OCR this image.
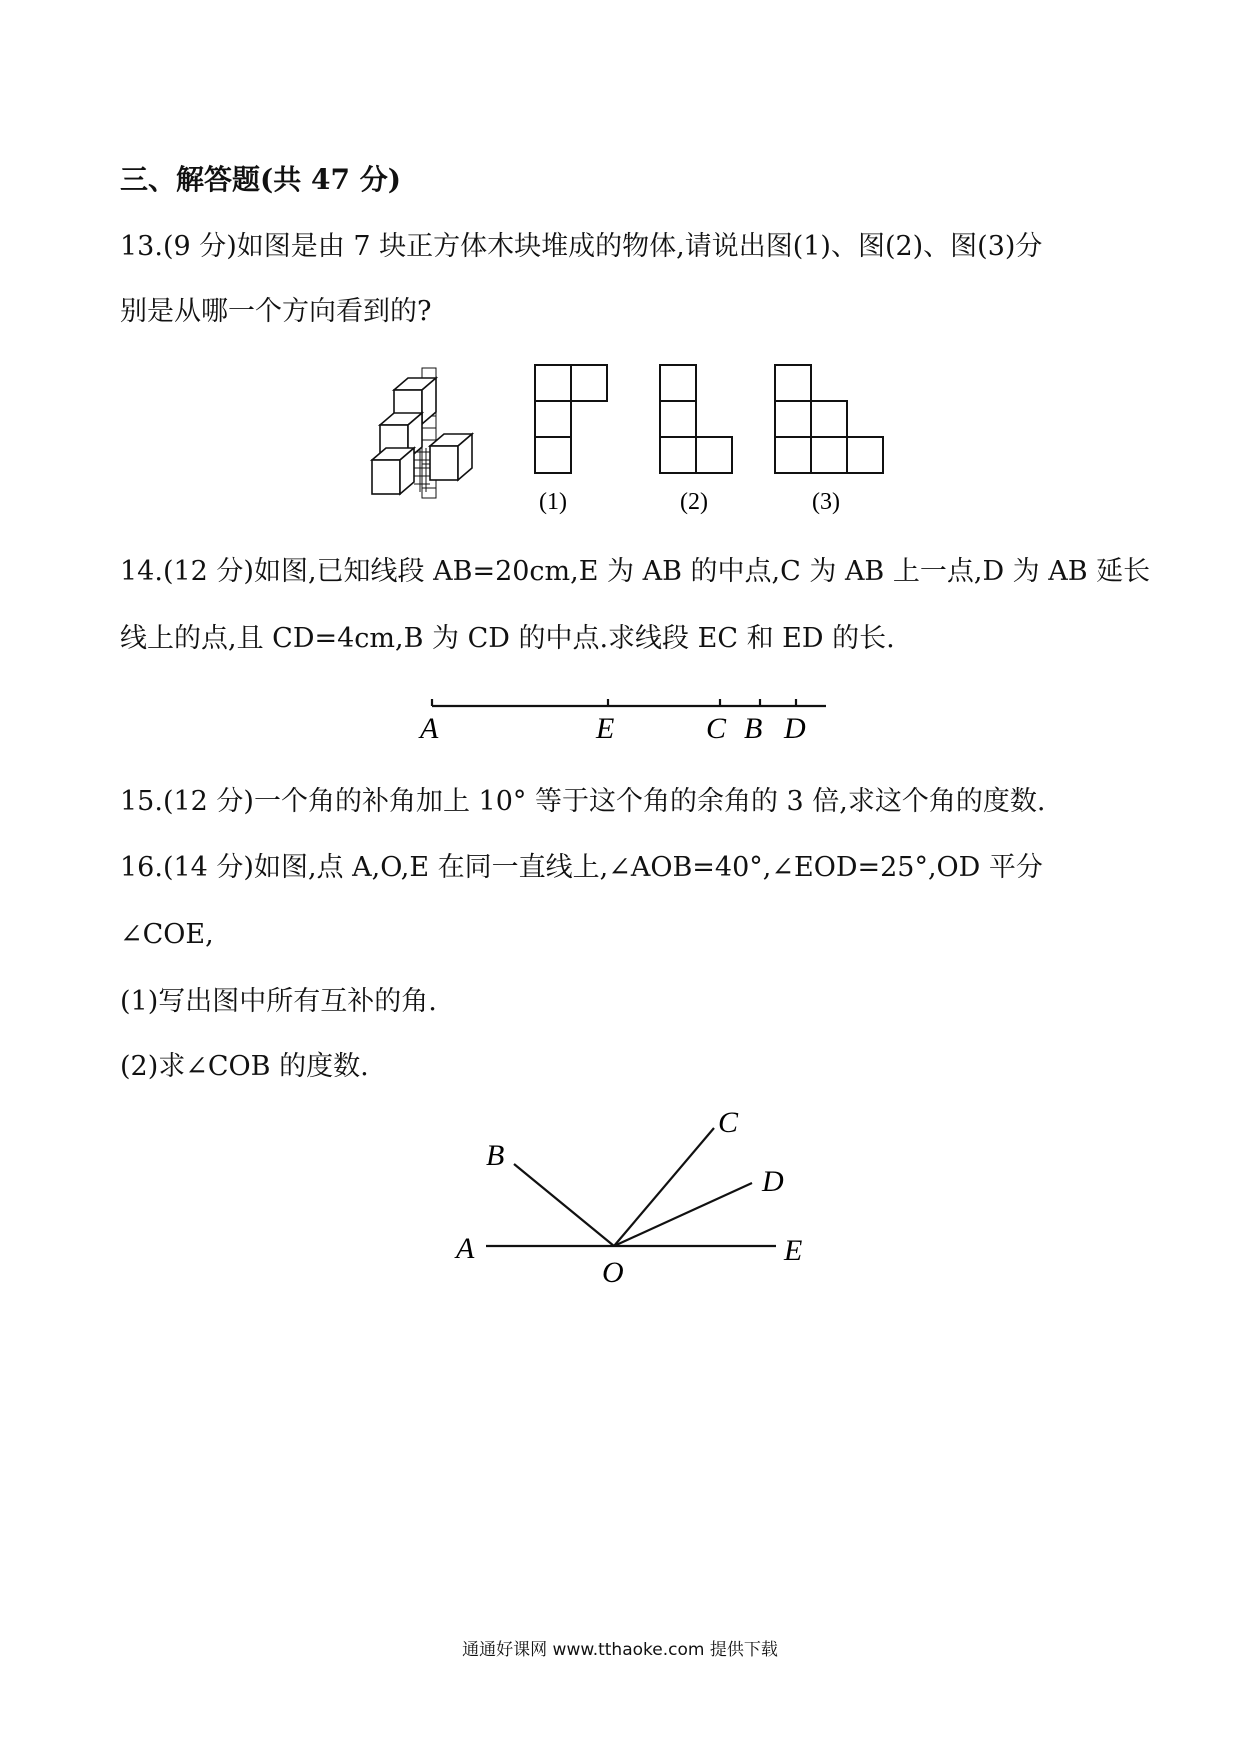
三、解答题(共 47 分)
13.(9 分)如图是由 7 块正方体木块堆成的物体,请说出图(1)、图(2)、图(3)分
别是从哪一个方向看到的?
(1)	(2)	(3)
14.(12 分)如图,已知线段 AB=20cm,E 为 AB 的中点,C 为 AB 上一点,D 为 AB 延长
线上的点,且 CD=4cm,B 为 CD 的中点.求线段 EC 和 ED 的长.
A	E	C B D
15.(12 分)一个角的补角加上 10° 等于这个角的余角的 3 倍,求这个角的度数.
16.(14 分)如图,点 A,O,E 在同一直线上,∠AOB=40°,∠EOD=25°,OD 平分
∠COE,
(1)写出图中所有互补的角.
(2)求∠COB 的度数.
A
B
C
D
E
O
通通好课网 www.tthaoke.com 提供下载
